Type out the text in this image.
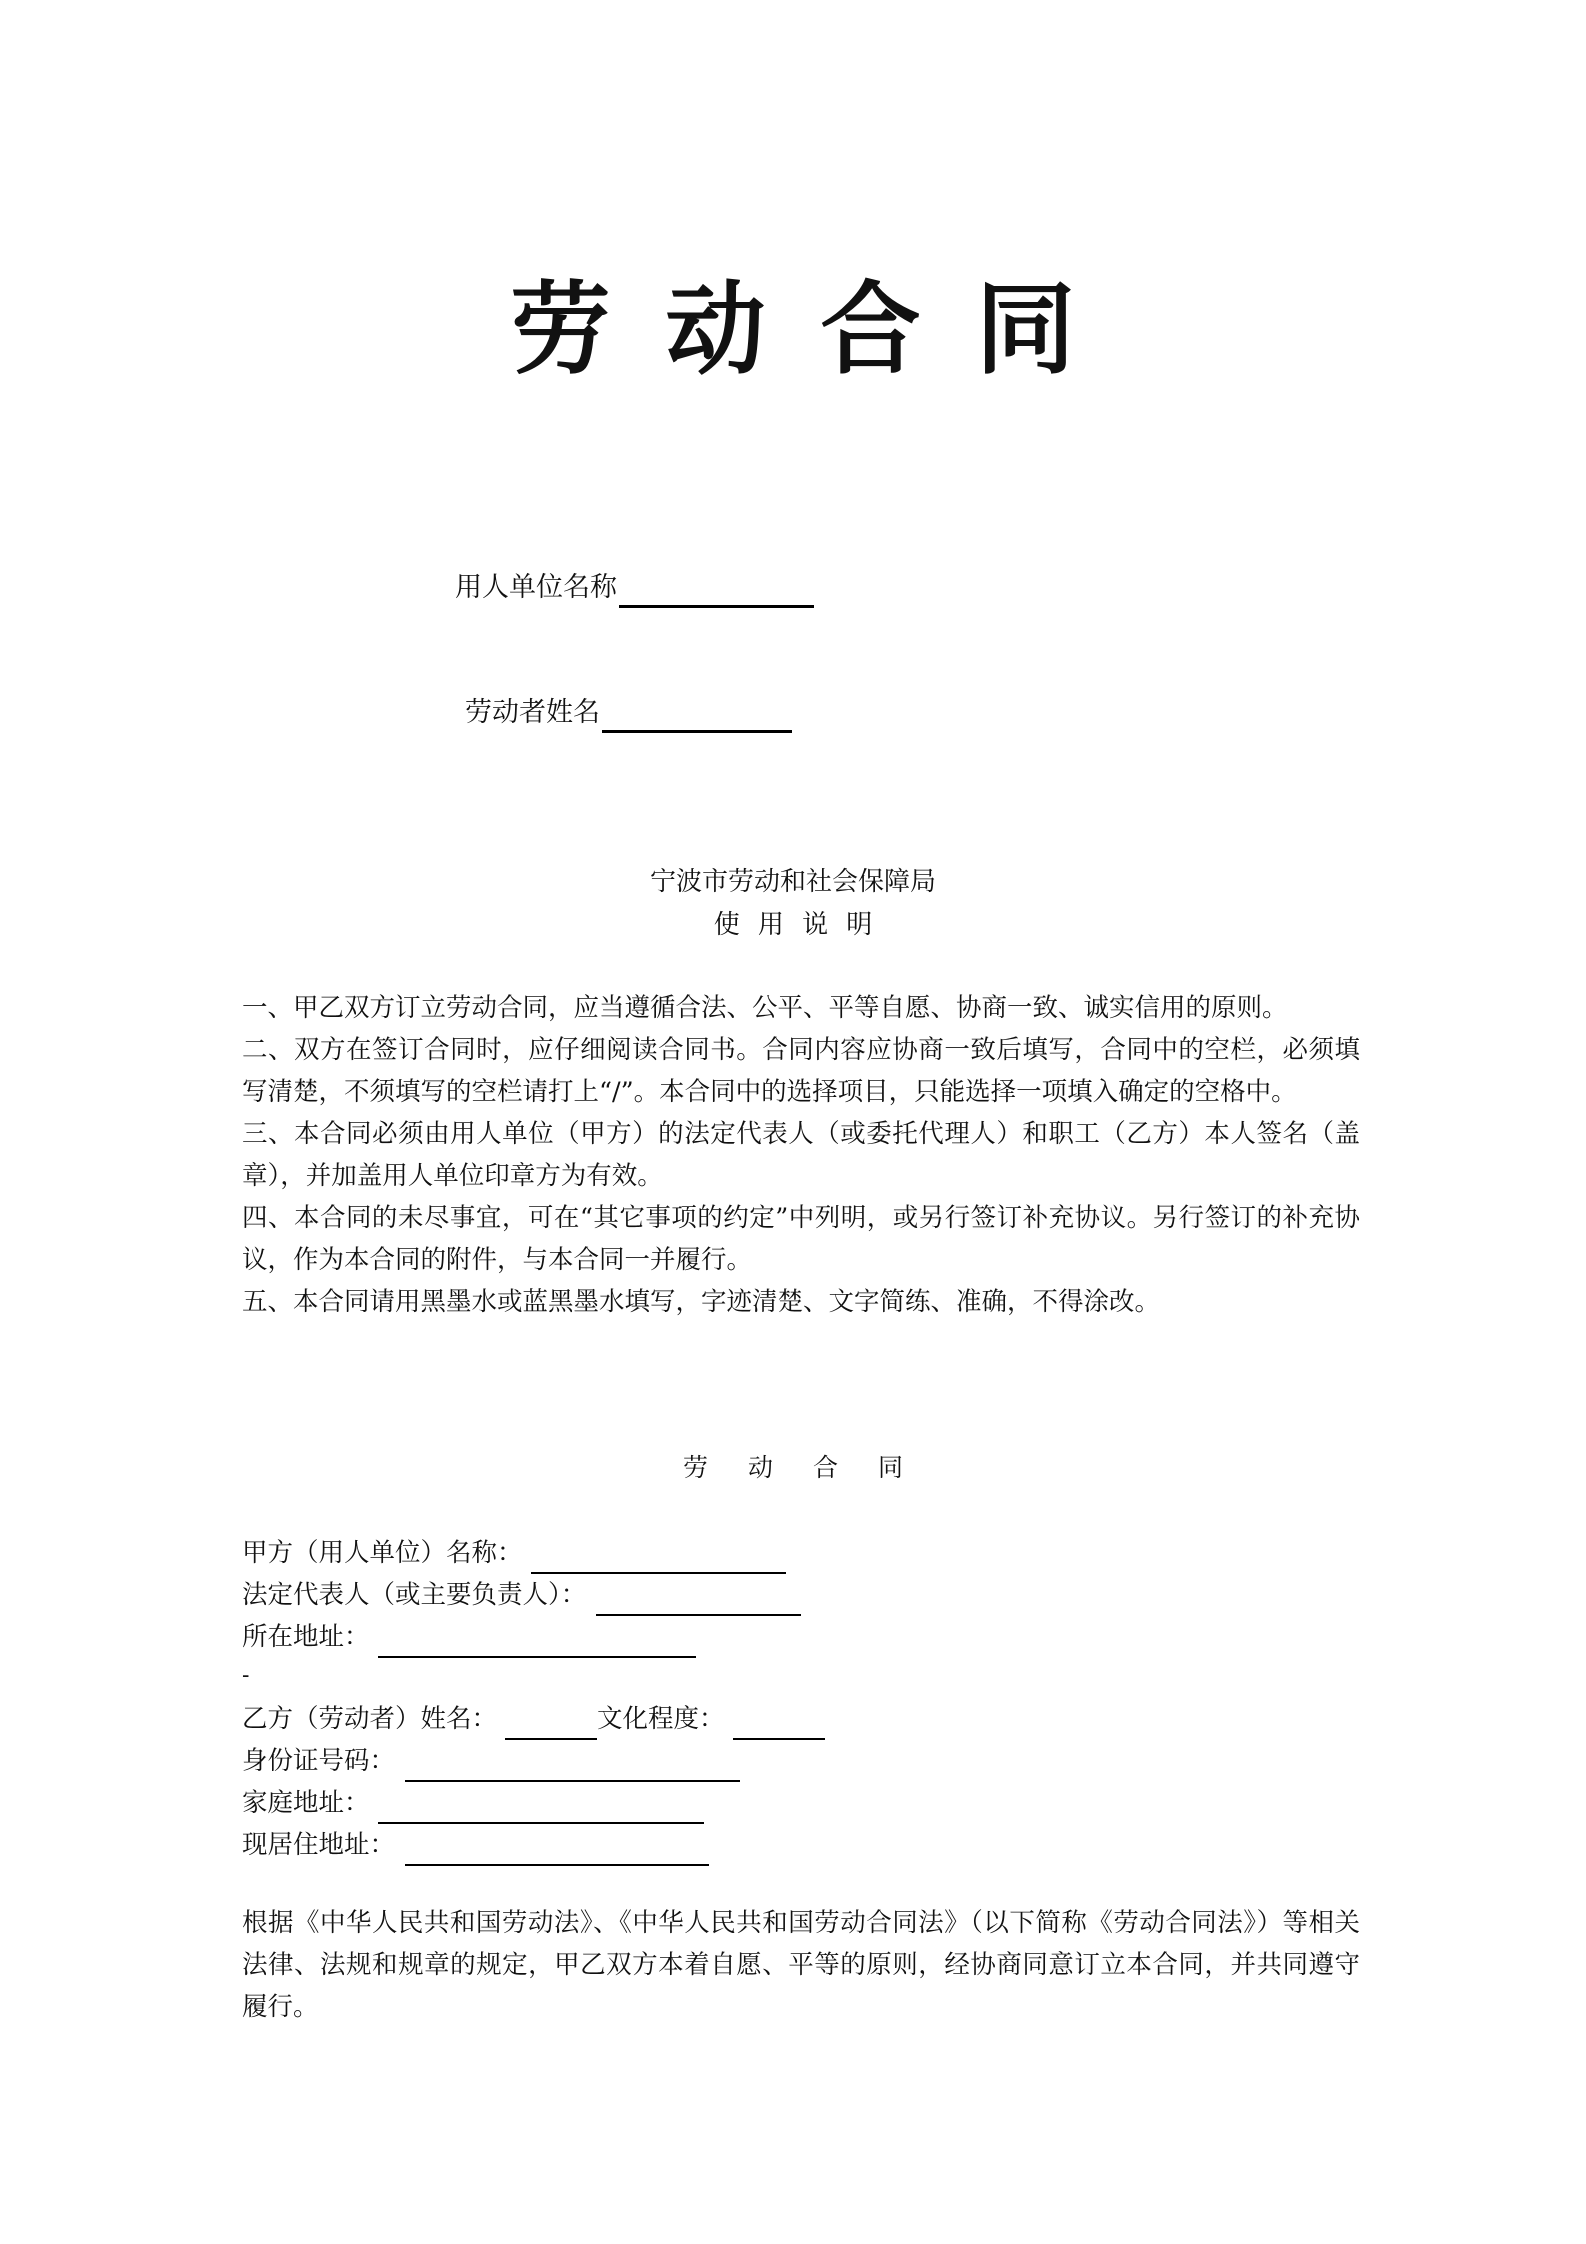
劳动合同
用人单位名称
劳动者姓名
宁波市劳动和社会保障局
使用说明

一、甲乙双方订立劳动合同，应当遵循合法、公平、平等自愿、协商一致、诚实信用的原则。

二、双方在签订合同时，应仔细阅读合同书。合同内容应协商一致后填写，合同中的空栏，必须填写清楚，不须填写的空栏请打上“/”。本合同中的选择项目，只能选择一项填入确定的空格中。

三、本合同必须由用人单位（甲方）的法定代表人（或委托代理人）和职工（乙方）本人签名（盖章），并加盖用人单位印章方为有效。

四、本合同的未尽事宜，可在“其它事项的约定”中列明，或另行签订补充协议。另行签订的补充协议，作为本合同的附件，与本合同一并履行。

五、本合同请用黑墨水或蓝黑墨水填写，字迹清楚、文字简练、准确，不得涂改。

劳动合同
甲方（用人单位）名称：
法定代表人（或主要负责人）：
所在地址：
-
乙方（劳动者）姓名：	文化程度：
身份证号码：
家庭地址：
现居住地址：

根据《中华人民共和国劳动法》、《中华人民共和国劳动合同法》（以下简称《劳动合同法》）等相关法律、法规和规章的规定，甲乙双方本着自愿、平等的原则，经协商同意订立本合同，并共同遵守履行。
